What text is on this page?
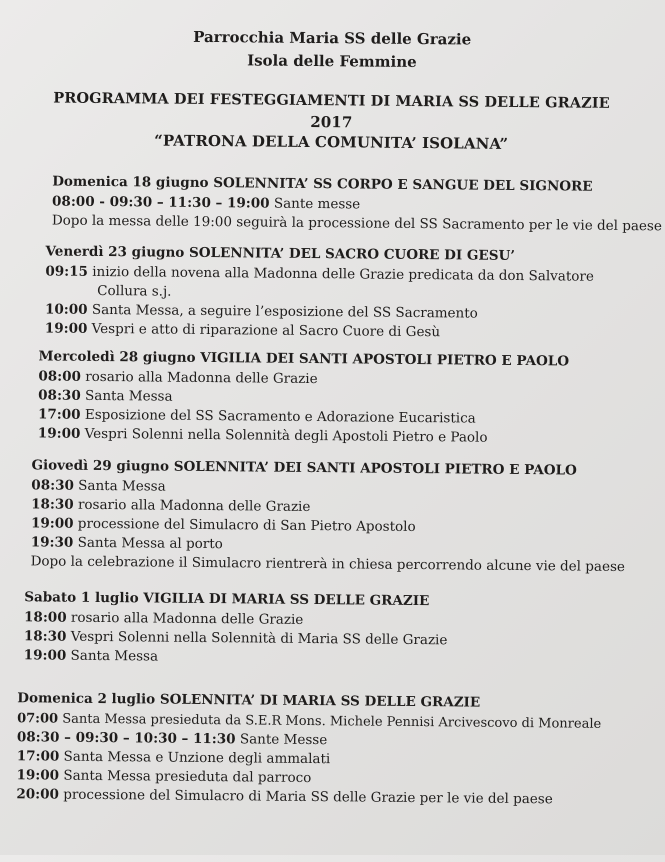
Parrocchia Maria SS delle Grazie
Isola delle Femmine
PROGRAMMA DEI FESTEGGIAMENTI DI MARIA SS DELLE GRAZIE
2017
“PATRONA DELLA COMUNITA’ ISOLANA”
Domenica 18 giugno SOLENNITA’ SS CORPO E SANGUE DEL SIGNORE
08:00 - 09:30 – 11:30 – 19:00 Sante messe
Dopo la messa delle 19:00 seguirà la processione del SS Sacramento per le vie del paese
Venerdì 23 giugno SOLENNITA’ DEL SACRO CUORE DI GESU’
09:15 inizio della novena alla Madonna delle Grazie predicata da don Salvatore
Collura s.j.
10:00 Santa Messa, a seguire l’esposizione del SS Sacramento
19:00 Vespri e atto di riparazione al Sacro Cuore di Gesù
Mercoledì 28 giugno VIGILIA DEI SANTI APOSTOLI PIETRO E PAOLO
08:00 rosario alla Madonna delle Grazie
08:30 Santa Messa
17:00 Esposizione del SS Sacramento e Adorazione Eucaristica
19:00 Vespri Solenni nella Solennità degli Apostoli Pietro e Paolo
Giovedì 29 giugno SOLENNITA’ DEI SANTI APOSTOLI PIETRO E PAOLO
08:30 Santa Messa
18:30 rosario alla Madonna delle Grazie
19:00 processione del Simulacro di San Pietro Apostolo
19:30 Santa Messa al porto
Dopo la celebrazione il Simulacro rientrerà in chiesa percorrendo alcune vie del paese
Sabato 1 luglio VIGILIA DI MARIA SS DELLE GRAZIE
18:00 rosario alla Madonna delle Grazie
18:30 Vespri Solenni nella Solennità di Maria SS delle Grazie
19:00 Santa Messa
Domenica 2 luglio SOLENNITA’ DI MARIA SS DELLE GRAZIE
07:00 Santa Messa presieduta da S.E.R Mons. Michele Pennisi Arcivescovo di Monreale
08:30 – 09:30 – 10:30 – 11:30 Sante Messe
17:00 Santa Messa e Unzione degli ammalati
19:00 Santa Messa presieduta dal parroco
20:00 processione del Simulacro di Maria SS delle Grazie per le vie del paese
